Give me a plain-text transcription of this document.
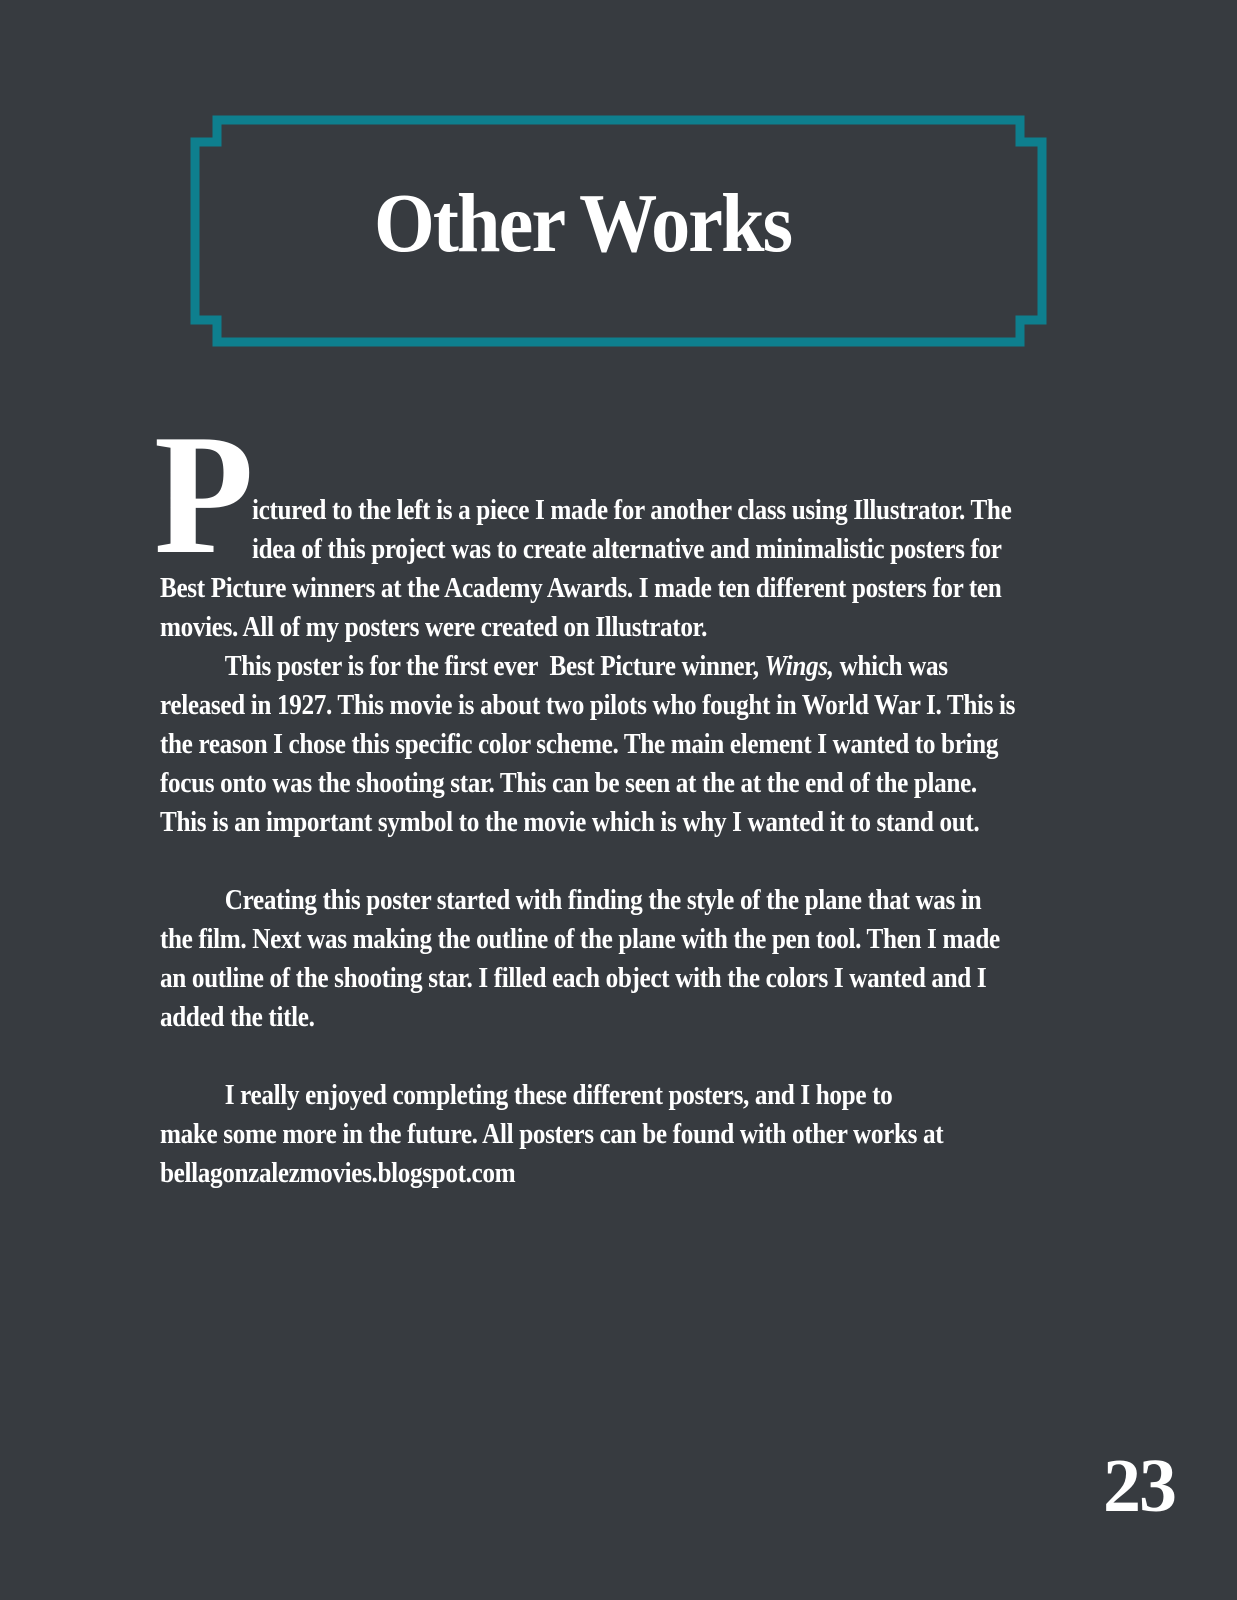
Other Works
P
ictured to the left is a piece I made for another class using Illustrator. The
idea of this project was to create alternative and minimalistic posters for
Best Picture winners at the Academy Awards. I made ten different posters for ten
movies. All of my posters were created on Illustrator.
This poster is for the first ever  Best Picture winner, Wings, which was
released in 1927. This movie is about two pilots who fought in World War I. This is
the reason I chose this specific color scheme. The main element I wanted to bring
focus onto was the shooting star. This can be seen at the at the end of the plane.
This is an important symbol to the movie which is why I wanted it to stand out.
Creating this poster started with finding the style of the plane that was in
the film. Next was making the outline of the plane with the pen tool. Then I made
an outline of the shooting star. I filled each object with the colors I wanted and I
added the title.
I really enjoyed completing these different posters, and I hope to
make some more in the future. All posters can be found with other works at
bellagonzalezmovies.blogspot.com
23
